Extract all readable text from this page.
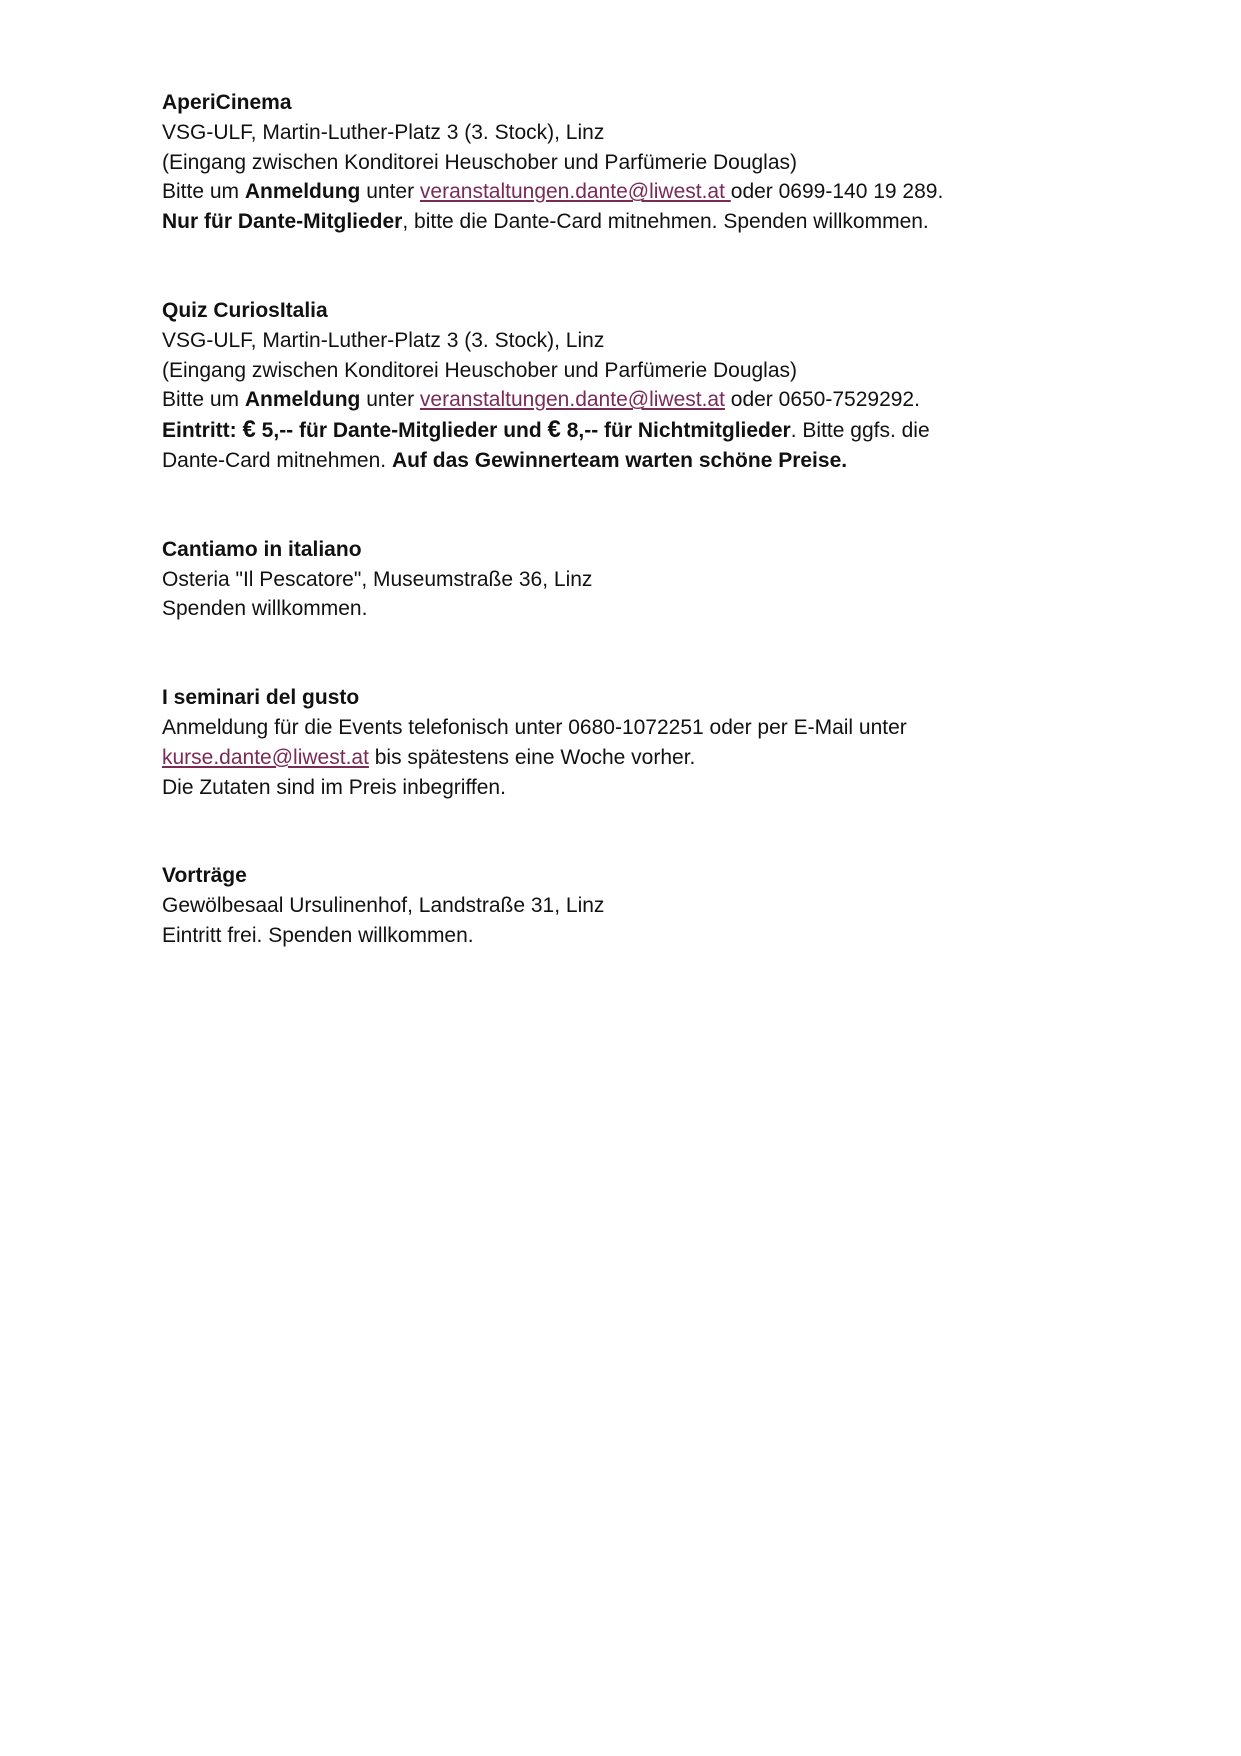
AperiCinema
VSG-ULF, Martin-Luther-Platz 3 (3. Stock), Linz
(Eingang zwischen Konditorei Heuschober und Parfümerie Douglas)
Bitte um Anmeldung unter veranstaltungen.dante@liwest.at oder 0699-140 19 289.
Nur für Dante-Mitglieder, bitte die Dante-Card mitnehmen. Spenden willkommen.
Quiz CuriosItalia
VSG-ULF, Martin-Luther-Platz 3 (3. Stock), Linz
(Eingang zwischen Konditorei Heuschober und Parfümerie Douglas)
Bitte um Anmeldung unter veranstaltungen.dante@liwest.at oder 0650-7529292.
Eintritt: € 5,-- für Dante-Mitglieder und € 8,-- für Nichtmitglieder. Bitte ggfs. die
Dante-Card mitnehmen. Auf das Gewinnerteam warten schöne Preise.
Cantiamo in italiano
Osteria "Il Pescatore", Museumstraße 36, Linz
Spenden willkommen.
I seminari del gusto
Anmeldung für die Events telefonisch unter 0680-1072251 oder per E-Mail unter
kurse.dante@liwest.at bis spätestens eine Woche vorher.
Die Zutaten sind im Preis inbegriffen.
Vorträge
Gewölbesaal Ursulinenhof, Landstraße 31, Linz
Eintritt frei. Spenden willkommen.
